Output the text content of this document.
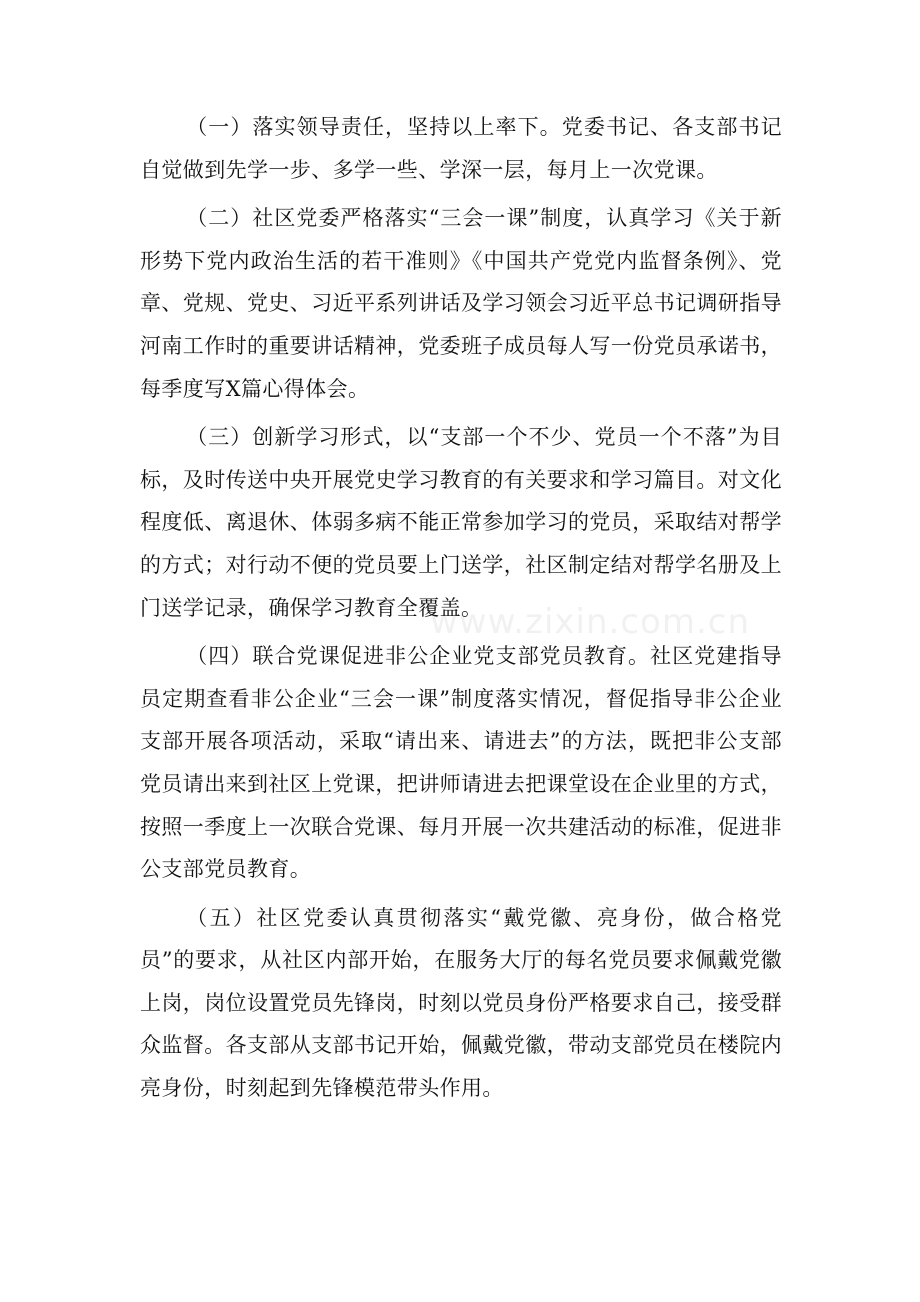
（一）落实领导责任，坚持以上率下。党委书记、各支部书记自觉做到先学一步、多学一些、学深一层，每月上一次党课。

（二）社区党委严格落实“三会一课”制度，认真学习《关于新形势下党内政治生活的若干准则》《中国共产党党内监督条例》、党章、党规、党史、习近平系列讲话及学习领会习近平总书记调研指导河南工作时的重要讲话精神，党委班子成员每人写一份党员承诺书，每季度写X篇心得体会。

（三）创新学习形式，以“支部一个不少、党员一个不落”为目标，及时传送中央开展党史学习教育的有关要求和学习篇目。对文化程度低、离退休、体弱多病不能正常参加学习的党员，采取结对帮学的方式；对行动不便的党员要上门送学，社区制定结对帮学名册及上门送学记录，确保学习教育全覆盖。

（四）联合党课促进非公企业党支部党员教育。社区党建指导员定期查看非公企业“三会一课”制度落实情况，督促指导非公企业支部开展各项活动，采取“请出来、请进去”的方法，既把非公支部党员请出来到社区上党课，把讲师请进去把课堂设在企业里的方式，按照一季度上一次联合党课、每月开展一次共建活动的标准，促进非公支部党员教育。

（五）社区党委认真贯彻落实“戴党徽、亮身份，做合格党员”的要求，从社区内部开始，在服务大厅的每名党员要求佩戴党徽上岗，岗位设置党员先锋岗，时刻以党员身份严格要求自己，接受群众监督。各支部从支部书记开始，佩戴党徽，带动支部党员在楼院内亮身份，时刻起到先锋模范带头作用。

www.zixin.com.cn
